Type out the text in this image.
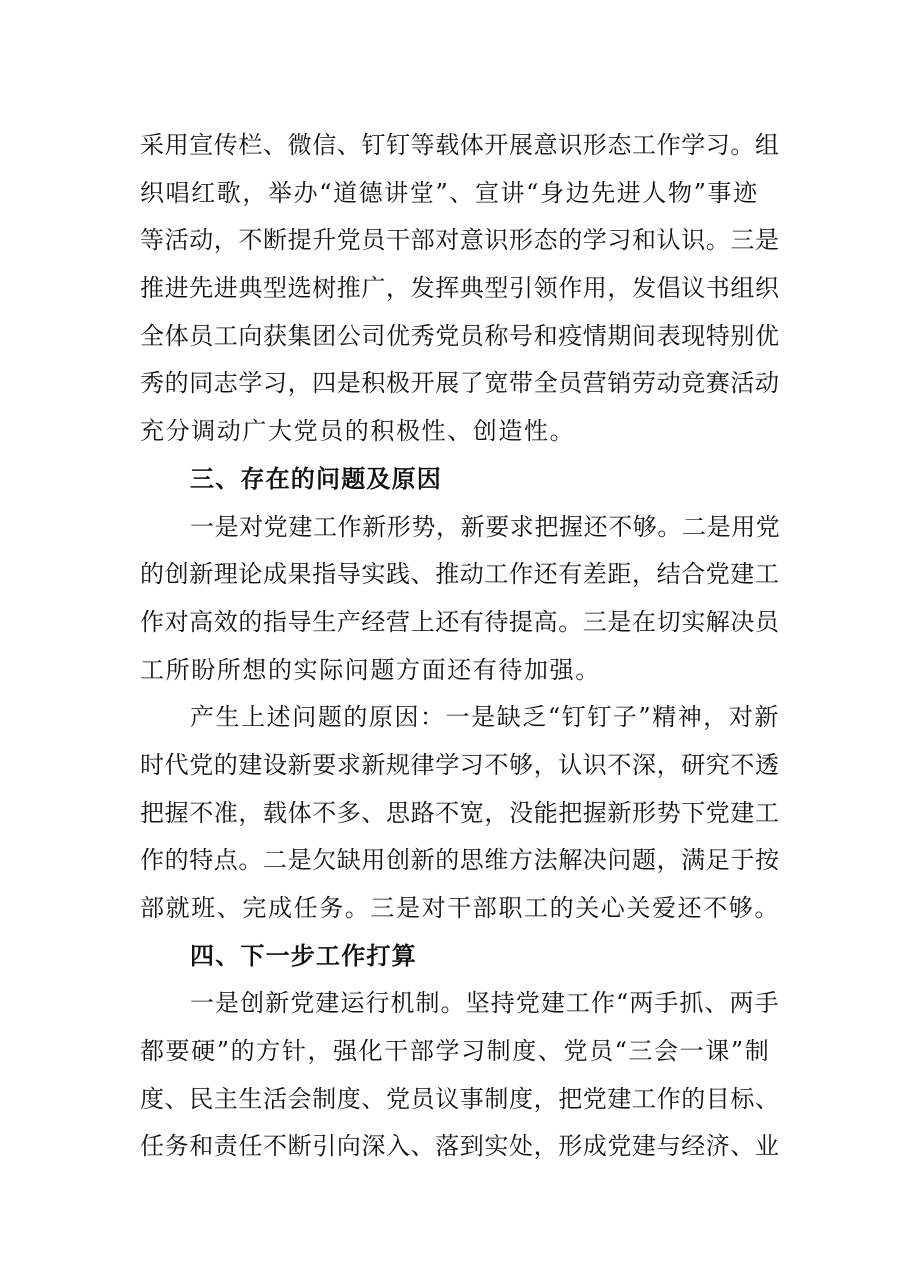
采用宣传栏、微信、钉钉等载体开展意识形态工作学习。组
织唱红歌，举办“道德讲堂”、宣讲“身边先进人物”事迹
等活动，不断提升党员干部对意识形态的学习和认识。三是
推进先进典型选树推广，发挥典型引领作用，发倡议书组织
全体员工向获集团公司优秀党员称号和疫情期间表现特别优
秀的同志学习，四是积极开展了宽带全员营销劳动竞赛活动
充分调动广大党员的积极性、创造性。
三、存在的问题及原因
一是对党建工作新形势，新要求把握还不够。二是用党
的创新理论成果指导实践、推动工作还有差距，结合党建工
作对高效的指导生产经营上还有待提高。三是在切实解决员
工所盼所想的实际问题方面还有待加强。
产生上述问题的原因：一是缺乏“钉钉子”精神，对新
时代党的建设新要求新规律学习不够，认识不深，研究不透
把握不准，载体不多、思路不宽，没能把握新形势下党建工
作的特点。二是欠缺用创新的思维方法解决问题，满足于按
部就班、完成任务。三是对干部职工的关心关爱还不够。
四、下一步工作打算
一是创新党建运行机制。坚持党建工作“两手抓、两手
都要硬”的方针，强化干部学习制度、党员“三会一课”制
度、民主生活会制度、党员议事制度，把党建工作的目标、
任务和责任不断引向深入、落到实处，形成党建与经济、业
